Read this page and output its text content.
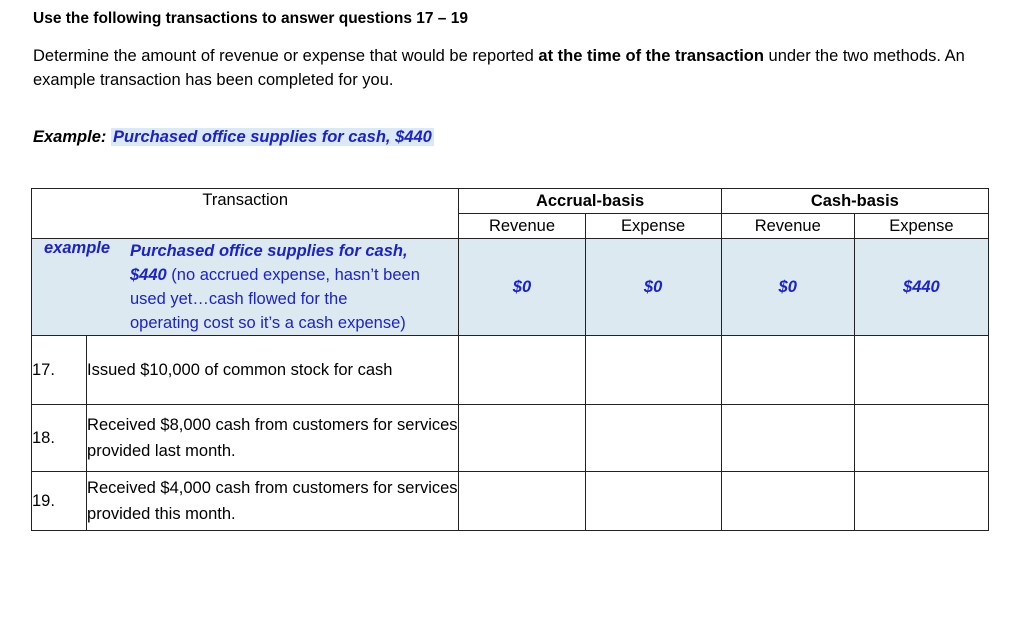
Use the following transactions to answer questions 17 – 19
Determine the amount of revenue or expense that would be reported at the time of the transaction under the two methods. An example transaction has been completed for you.
Example: Purchased office supplies for cash, $440
Transaction		Accrual-basis		Cash-basis	
		Revenue	Expense	Revenue	Expense
example Purchased office supplies for cash, $440 (no accrued expense, hasn’t been used yet…cash flowed for the operating cost so it’s a cash expense)		$0	$0	$0	$440
17.	Issued $10,000 of common stock for cash				
18.	Received $8,000 cash from customers for services provided last month.				
19.	Received $4,000 cash from customers for services provided this month.				
